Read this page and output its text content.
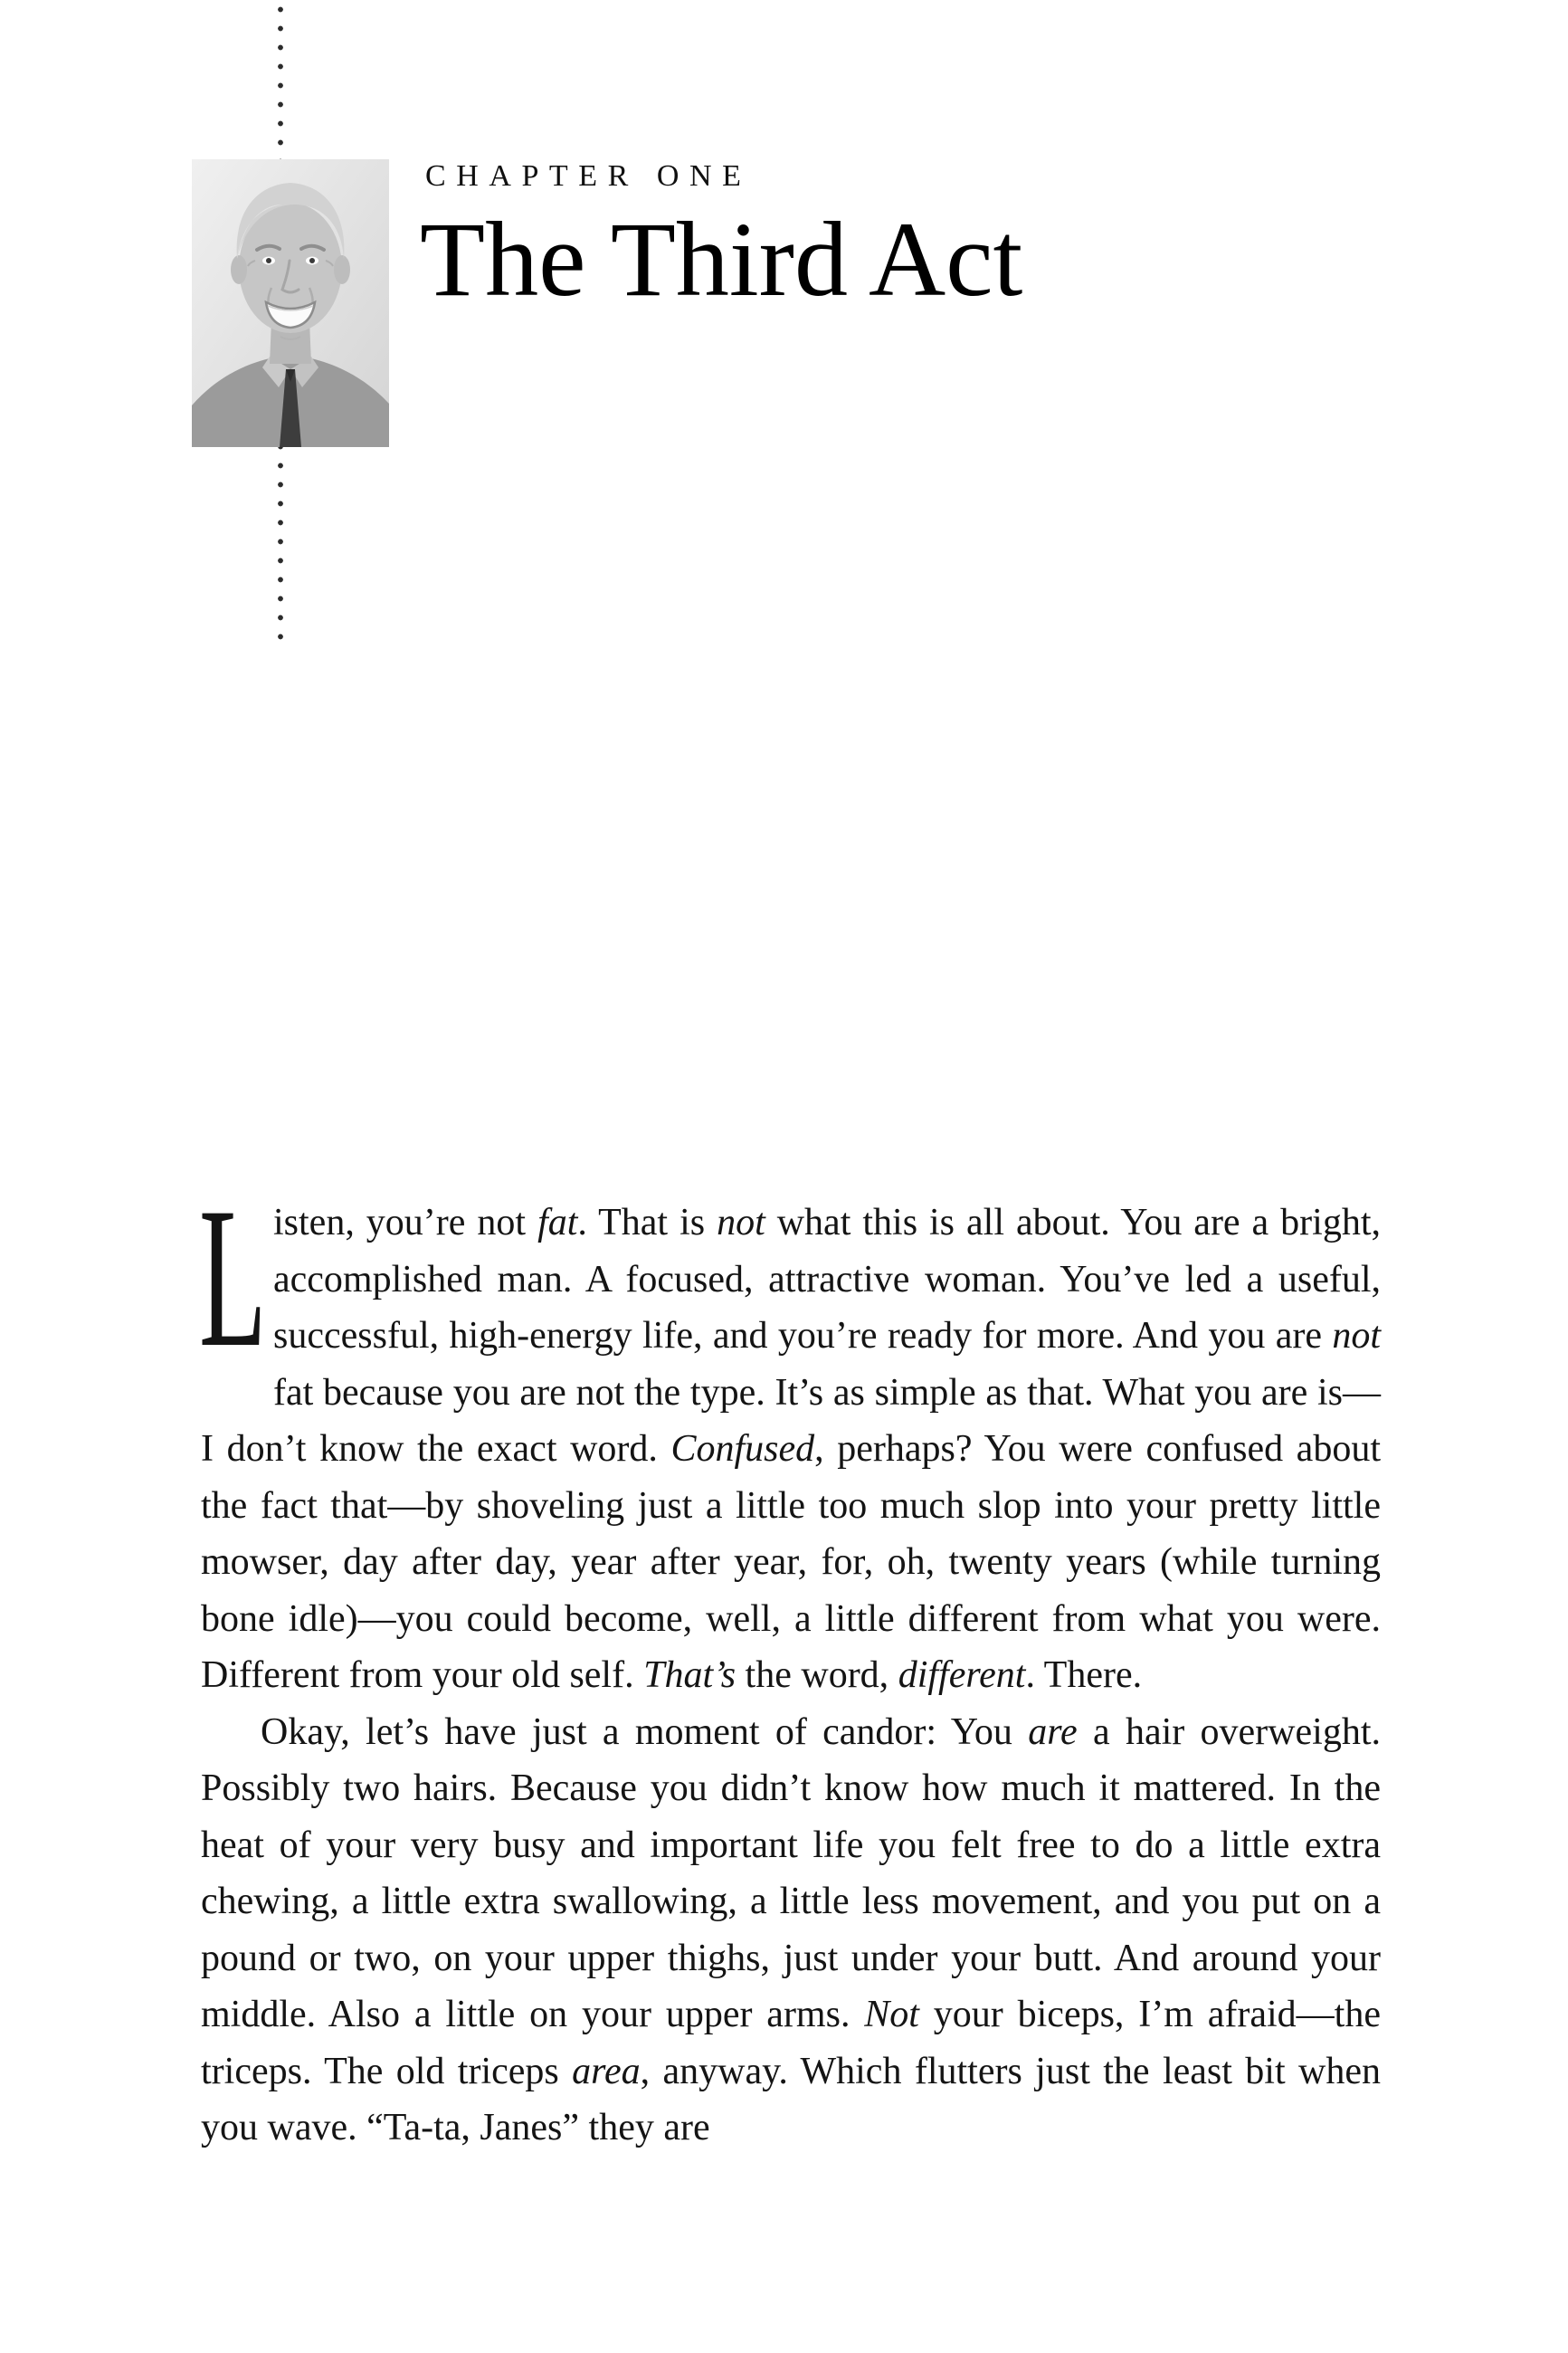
CHAPTER ONE
The Third Act

L isten, you’re not fat. That is not what this is all about. You are a bright, accomplished man. A focused, attractive woman. You’ve led a useful, successful, high-energy life, and you’re ready for more. And you are not fat because you are not the type. It’s as simple as that. What you are is—I don’t know the exact word. Confused, perhaps? You were confused about the fact that—by shoveling just a little too much slop into your pretty little mowser, day after day, year after year, for, oh, twenty years (while turning bone idle)—you could become, well, a little different from what you were. Different from your old self. That’s the word, different. There.

Okay, let’s have just a moment of candor: You are a hair overweight. Possibly two hairs. Because you didn’t know how much it mattered. In the heat of your very busy and important life you felt free to do a little extra chewing, a little extra swallowing, a little less movement, and you put on a pound or two, on your upper thighs, just under your butt. And around your middle. Also a little on your upper arms. Not your biceps, I’m afraid—the triceps. The old triceps area, anyway. Which flutters just the least bit when you wave. “Ta-ta, Janes” they are
